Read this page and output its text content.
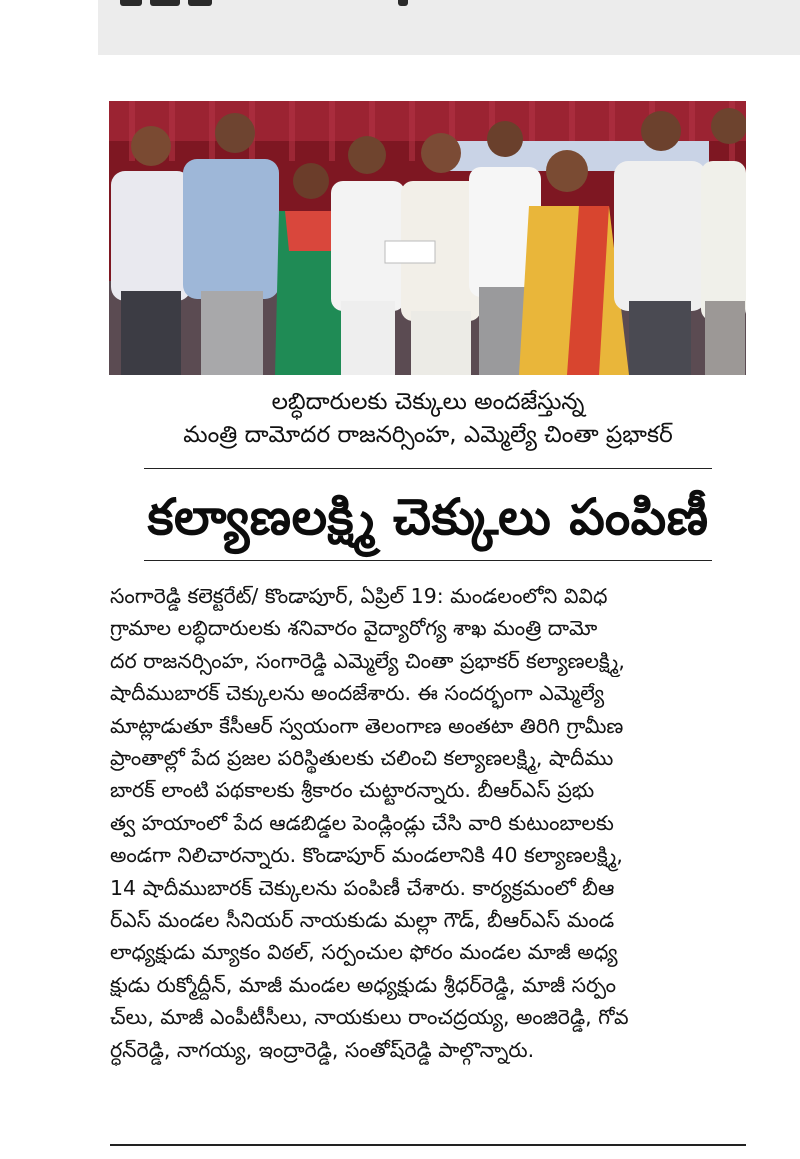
లబ్ధిదారులకు చెక్కులు అందజేస్తున్న
మంత్రి దామోదర రాజనర్సింహ, ఎమ్మెల్యే చింతా ప్రభాకర్
కల్యాణలక్ష్మి చెక్కులు పంపిణీ
సంగారెడ్డి కలెక్టరేట్/ కొండాపూర్, ఏప్రిల్ 19: మండలంలోని వివిధ
గ్రామాల లబ్ధిదారులకు శనివారం వైద్యారోగ్య శాఖ మంత్రి దామో
దర రాజనర్సింహ, సంగారెడ్డి ఎమ్మెల్యే చింతా ప్రభాకర్ కల్యాణలక్ష్మి,
షాదీముబారక్ చెక్కులను అందజేశారు. ఈ సందర్భంగా ఎమ్మెల్యే
మాట్లాడుతూ కేసీఆర్ స్వయంగా తెలంగాణ అంతటా తిరిగి గ్రామీణ
ప్రాంతాల్లో పేద ప్రజల పరిస్థితులకు చలించి కల్యాణలక్ష్మి, షాదీము
బారక్ లాంటి పథకాలకు శ్రీకారం చుట్టారన్నారు. బీఆర్ఎస్ ప్రభు
త్వ హయాంలో పేద ఆడబిడ్డల పెండ్లిండ్లు చేసి వారి కుటుంబాలకు
అండగా నిలిచారన్నారు. కొండాపూర్ మండలానికి 40 కల్యాణలక్ష్మి,
14 షాదీముబారక్ చెక్కులను పంపిణీ చేశారు. కార్యక్రమంలో బీఆ
ర్ఎస్ మండల సీనియర్ నాయకుడు మల్లా గౌడ్, బీఆర్ఎస్ మండ
లాధ్యక్షుడు మ్యాకం విఠల్, సర్పంచుల ఫోరం మండల మాజీ అధ్య
క్షుడు రుక్మోద్దీన్, మాజీ మండల అధ్యక్షుడు శ్రీధర్‌రెడ్డి, మాజీ సర్పం
చ్‌లు, మాజీ ఎంపీటీసీలు, నాయకులు రాంచద్రయ్య, అంజిరెడ్డి, గోవ
ర్ధన్‌రెడ్డి, నాగయ్య, ఇంద్రారెడ్డి, సంతోష్‌రెడ్డి పాల్గొన్నారు.
